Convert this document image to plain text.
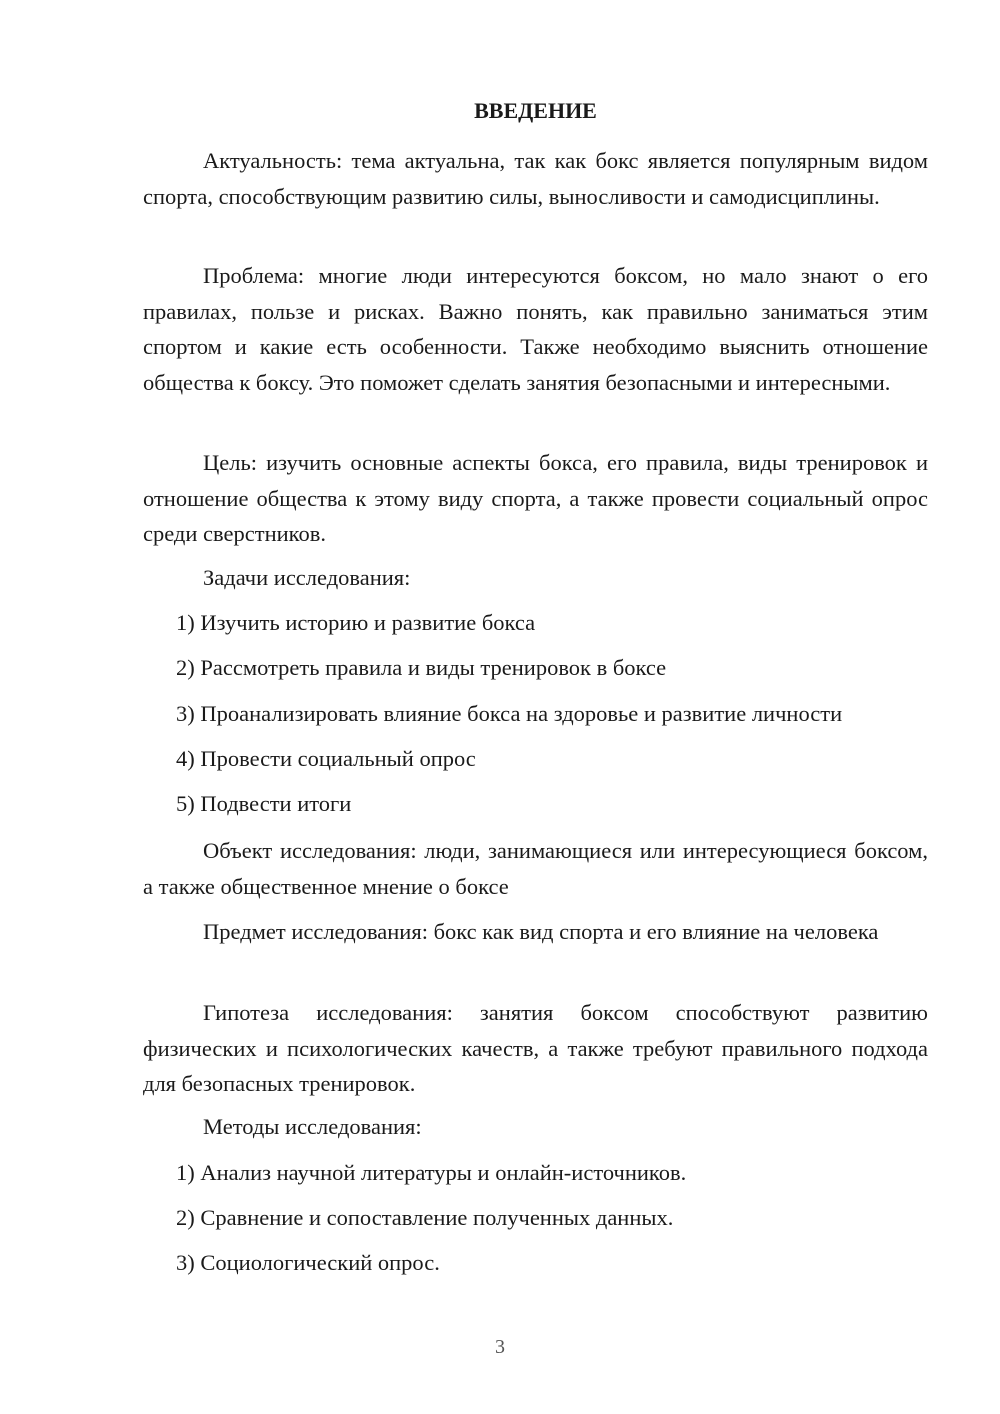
ВВЕДЕНИЕ

Актуальность: тема актуальна, так как бокс является популярным видом спорта, способствующим развитию силы, выносливости и самодисциплины.

Проблема: многие люди интересуются боксом, но мало знают о его правилах, пользе и рисках. Важно понять, как правильно заниматься этим спортом и какие есть особенности. Также необходимо выяснить отношение общества к боксу. Это поможет сделать занятия безопасными и интересными.

Цель: изучить основные аспекты бокса, его правила, виды тренировок и отношение общества к этому виду спорта, а также провести социальный опрос среди сверстников.

Задачи исследования:

1) Изучить историю и развитие бокса

2) Рассмотреть правила и виды тренировок в боксе

3) Проанализировать влияние бокса на здоровье и развитие личности

4) Провести социальный опрос

5) Подвести итоги

Объект исследования: люди, занимающиеся или интересующиеся боксом, а также общественное мнение о боксе

Предмет исследования: бокс как вид спорта и его влияние на человека

Гипотеза исследования: занятия боксом способствуют развитию физических и психологических качеств, а также требуют правильного подхода для безопасных тренировок.

Методы исследования:

1) Анализ научной литературы и онлайн-источников.

2) Сравнение и сопоставление полученных данных.

3) Социологический опрос.

3
